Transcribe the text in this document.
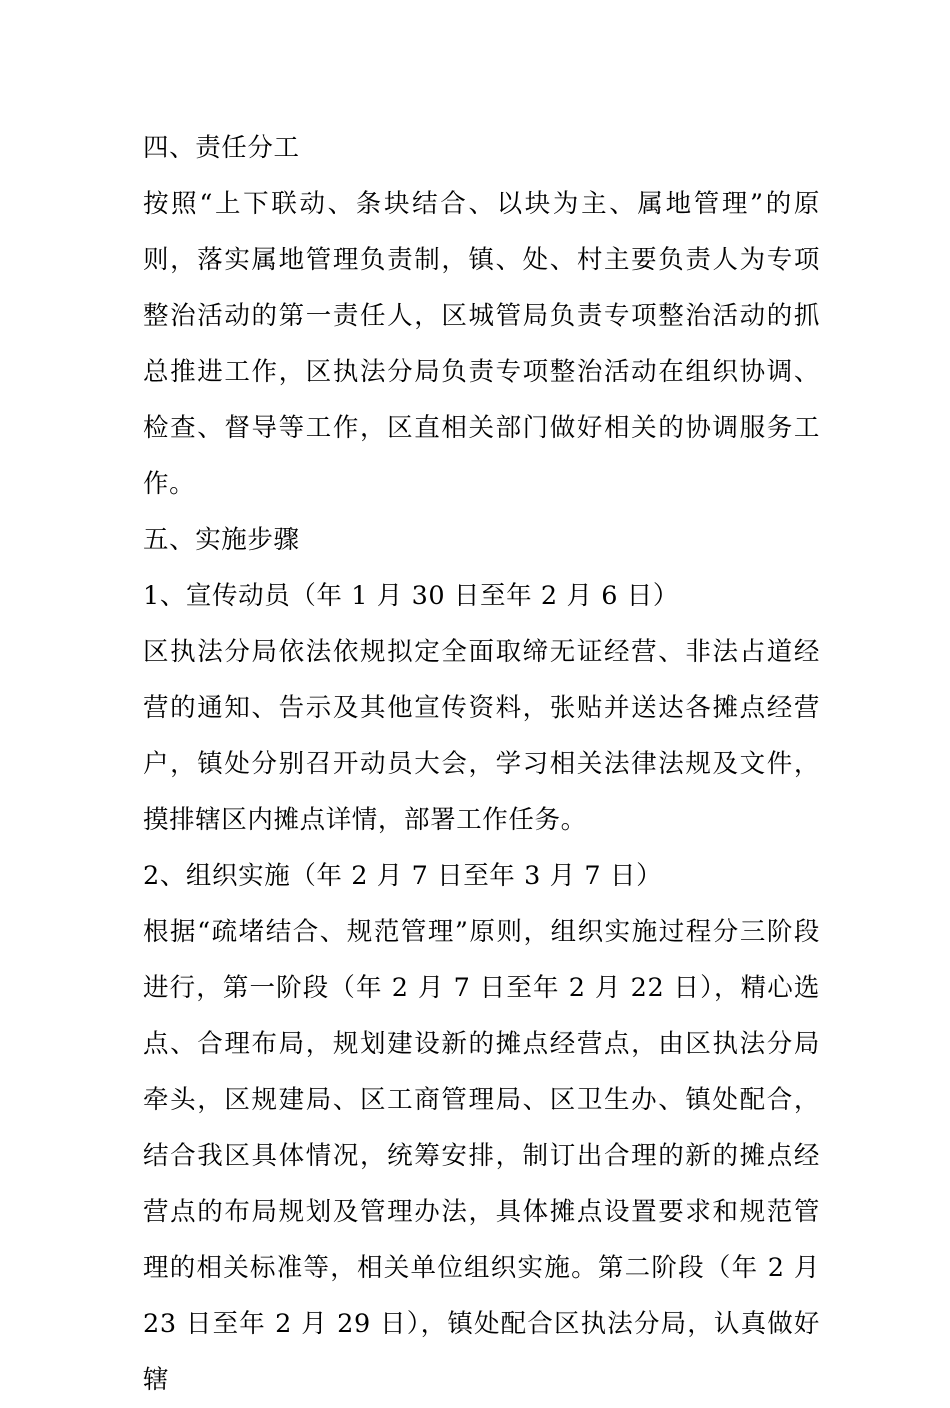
四、责任分工

按照“上下联动、条块结合、以块为主、属地管理”的原则，落实属地管理负责制，镇、处、村主要负责人为专项整治活动的第一责任人，区城管局负责专项整治活动的抓总推进工作，区执法分局负责专项整治活动在组织协调、检查、督导等工作，区直相关部门做好相关的协调服务工作。

五、实施步骤

1、宣传动员（年 1 月 30 日至年 2 月 6 日）

区执法分局依法依规拟定全面取缔无证经营、非法占道经营的通知、告示及其他宣传资料，张贴并送达各摊点经营户，镇处分别召开动员大会，学习相关法律法规及文件，摸排辖区内摊点详情，部署工作任务。

2、组织实施（年 2 月 7 日至年 3 月 7 日）

根据“疏堵结合、规范管理”原则，组织实施过程分三阶段进行，第一阶段（年 2 月 7 日至年 2 月 22 日），精心选点、合理布局，规划建设新的摊点经营点，由区执法分局牵头，区规建局、区工商管理局、区卫生办、镇处配合，结合我区具体情况，统筹安排，制订出合理的新的摊点经营点的布局规划及管理办法，具体摊点设置要求和规范管理的相关标准等，相关单位组织实施。第二阶段（年 2 月 23 日至年 2 月 29 日），镇处配合区执法分局，认真做好辖
